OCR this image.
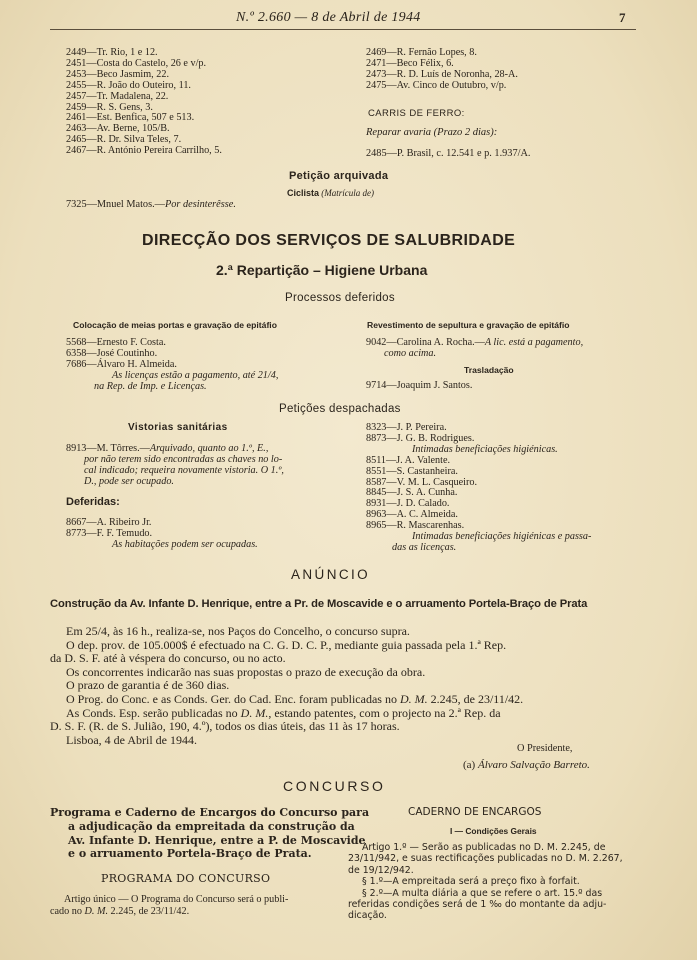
N.º 2.660 — 8 de Abril de 1944	7
2449—Tr. Rio, 1 e 12.
2451—Costa do Castelo, 26 e v/p.
2453—Beco Jasmim, 22.
2455—R. João do Outeiro, 11.
2457—Tr. Madalena, 22.
2459—R. S. Gens, 3.
2461—Est. Benfica, 507 e 513.
2463—Av. Berne, 105/B.
2465—R. Dr. Silva Teles, 7.
2467—R. António Pereira Carrilho, 5.
2469—R. Fernão Lopes, 8.
2471—Beco Félix, 6.
2473—R. D. Luís de Noronha, 28-A.
2475—Av. Cinco de Outubro, v/p.
CARRIS DE FERRO:
Reparar avaria (Prazo 2 dias):
2485—P. Brasil, c. 12.541 e p. 1.937/A.
Petição arquivada
Ciclista (Matrícula de)
7325—Mnuel Matos.—Por desinterêsse.
DIRECÇÃO DOS SERVIÇOS DE SALUBRIDADE
2.ª Repartição – Higiene Urbana
Processos deferidos
Colocação de meias portas e gravação de epitáfio
5568—Ernesto F. Costa.
6358—José Coutinho.
7686—Álvaro H. Almeida.
As licenças estão a pagamento, até 21/4,
na Rep. de Imp. e Licenças.
Revestimento de sepultura e gravação de epitáfio
9042—Carolina A. Rocha.—A lic. está a pagamento,
como acima.
Trasladação
9714—Joaquim J. Santos.
Petições despachadas
Vistorias sanitárias
8913—M. Tôrres.—Arquivado, quanto ao 1.º, E.,
por não terem sido encontradas as chaves no lo-
cal indicado; requeira novamente vistoria. O 1.º,
D., pode ser ocupado.
Deferidas:
8667—A. Ribeiro Jr.
8773—F. F. Temudo.
As habitações podem ser ocupadas.
8323—J. P. Pereira.
8873—J. G. B. Rodrigues.
Intimadas beneficiações higiénicas.
8511—J. A. Valente.
8551—S. Castanheira.
8587—V. M. L. Casqueiro.
8845—J. S. A. Cunha.
8931—J. D. Calado.
8963—A. C. Almeida.
8965—R. Mascarenhas.
Intimadas beneficiações higiénicas e passa-
das as licenças.
ANÚNCIO
Construção da Av. Infante D. Henrique, entre a Pr. de Moscavide e o arruamento Portela-Braço de Prata
Em 25/4, às 16 h., realiza-se, nos Paços do Concelho, o concurso supra.
O dep. prov. de 105.000$ é efectuado na C. G. D. C. P., mediante guia passada pela 1.ª Rep.
da D. S. F. até à véspera do concurso, ou no acto.
Os concorrentes indicarão nas suas propostas o prazo de execução da obra.
O prazo de garantia é de 360 dias.
O Prog. do Conc. e as Conds. Ger. do Cad. Enc. foram publicadas no D. M. 2.245, de 23/11/42.
As Conds. Esp. serão publicadas no D. M., estando patentes, com o projecto na 2.ª Rep. da
D. S. F. (R. de S. Julião, 190, 4.º), todos os dias úteis, das 11 às 17 horas.
Lisboa, 4 de Abril de 1944.
O Presidente,
(a) Álvaro Salvação Barreto.
CONCURSO
Programa e Caderno de Encargos do Concurso para
a adjudicação da empreitada da construção da
Av. Infante D. Henrique, entre a P. de Moscavide
e o arruamento Portela-Braço de Prata.
PROGRAMA DO CONCURSO
Artigo único — O Programa do Concurso será o publi-
cado no D. M. 2.245, de 23/11/42.
CADERNO DE ENCARGOS
I — Condições Gerais
Artigo 1.º — Serão as publicadas no D. M. 2.245, de
23/11/942, e suas rectificações publicadas no D. M. 2.267,
de 19/12/942.
§ 1.º—A empreitada será a preço fixo à forfait.
§ 2.º—A multa diária a que se refere o art. 15.º das
referidas condições será de 1 ‰ do montante da adju-
dicação.
